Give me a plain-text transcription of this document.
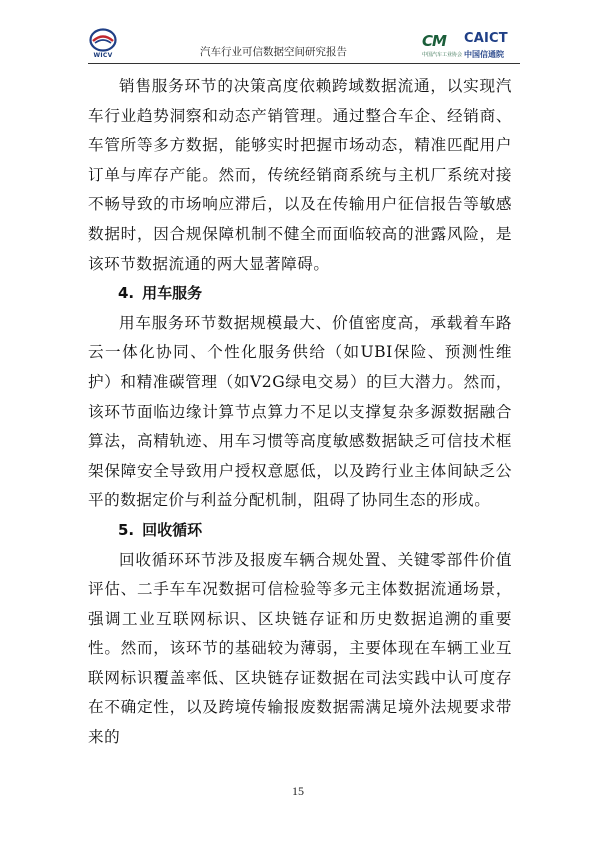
WICV	汽车行业可信数据空间研究报告
CM CAICT
中国汽车工业协会 中国信通院

销售服务环节的决策高度依赖跨域数据流通，以实现汽车行业趋势洞察和动态产销管理。通过整合车企、经销商、车管所等多方数据，能够实时把握市场动态，精准匹配用户订单与库存产能。然而，传统经销商系统与主机厂系统对接不畅导致的市场响应滞后，以及在传输用户征信报告等敏感数据时，因合规保障机制不健全而面临较高的泄露风险，是该环节数据流通的两大显著障碍。

4. 用车服务

用车服务环节数据规模最大、价值密度高，承载着车路云一体化协同、个性化服务供给（如UBI保险、预测性维护）和精准碳管理（如V2G绿电交易）的巨大潜力。然而，该环节面临边缘计算节点算力不足以支撑复杂多源数据融合算法，高精轨迹、用车习惯等高度敏感数据缺乏可信技术框架保障安全导致用户授权意愿低，以及跨行业主体间缺乏公平的数据定价与利益分配机制，阻碍了协同生态的形成。

5. 回收循环

回收循环环节涉及报废车辆合规处置、关键零部件价值评估、二手车车况数据可信检验等多元主体数据流通场景，强调工业互联网标识、区块链存证和历史数据追溯的重要性。然而，该环节的基础较为薄弱，主要体现在车辆工业互联网标识覆盖率低、区块链存证数据在司法实践中认可度存在不确定性，以及跨境传输报废数据需满足境外法规要求带来的

15
